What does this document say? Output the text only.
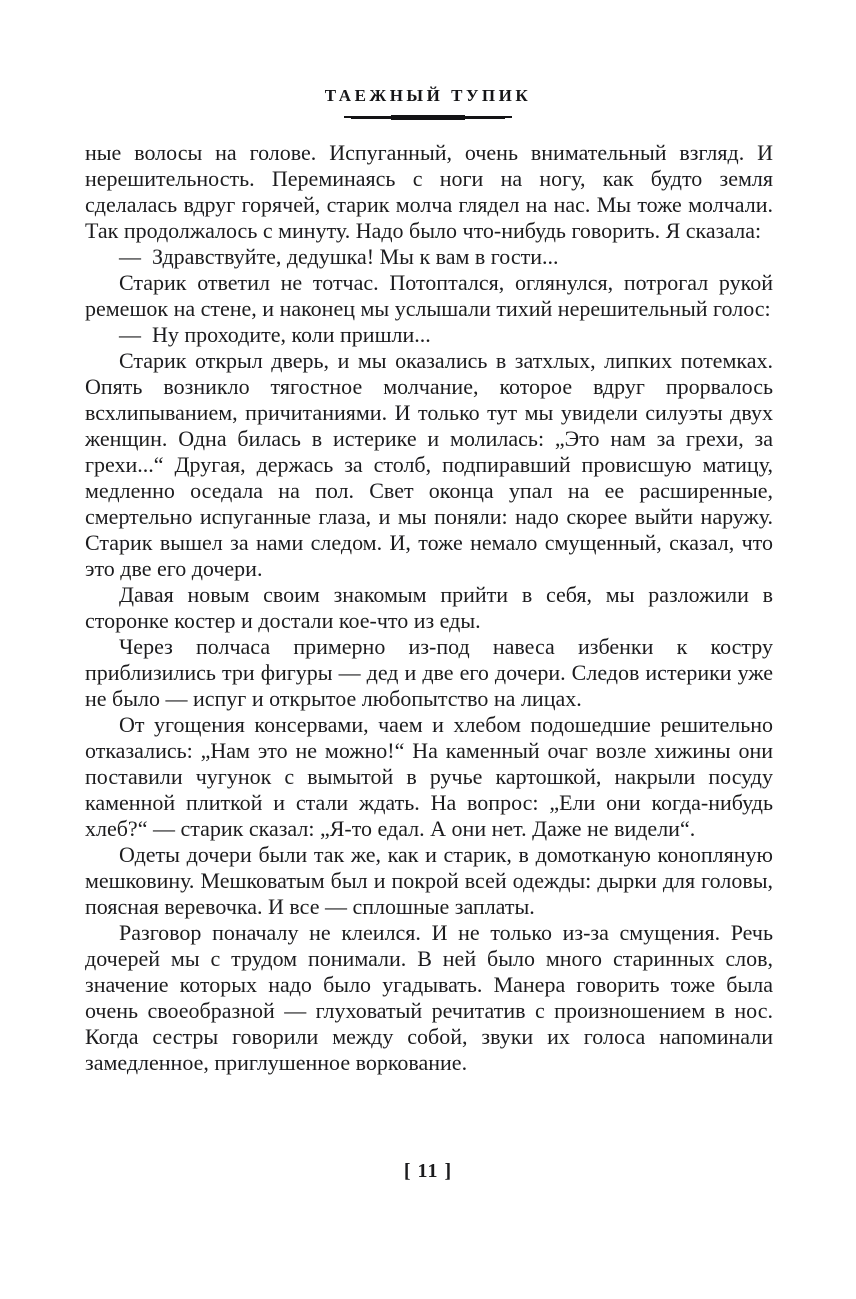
ТАЕЖНЫЙ ТУПИК

ные волосы на голове. Испуганный, очень внимательный взгляд. И нерешительность. Переминаясь с ноги на ногу, как будто земля сделалась вдруг горячей, старик молча глядел на нас. Мы тоже молчали. Так продолжалось с минуту. Надо было что-нибудь говорить. Я сказала:

— Здравствуйте, дедушка! Мы к вам в гости...

Старик ответил не тотчас. Потоптался, оглянулся, потрогал рукой ремешок на стене, и наконец мы услышали тихий нерешительный голос:

— Ну проходите, коли пришли...

Старик открыл дверь, и мы оказались в затхлых, липких потемках. Опять возникло тягостное молчание, которое вдруг прорвалось всхлипыванием, причитаниями. И только тут мы увидели силуэты двух женщин. Одна билась в истерике и молилась: „Это нам за грехи, за грехи...“ Другая, держась за столб, подпиравший провисшую матицу, медленно оседала на пол. Свет оконца упал на ее расширенные, смертельно испуганные глаза, и мы поняли: надо скорее выйти наружу. Старик вышел за нами следом. И, тоже немало смущенный, сказал, что это две его дочери.

Давая новым своим знакомым прийти в себя, мы разложили в сторонке костер и достали кое-что из еды.

Через полчаса примерно из-под навеса избенки к костру приблизились три фигуры — дед и две его дочери. Следов истерики уже не было — испуг и открытое любопытство на лицах.

От угощения консервами, чаем и хлебом подошедшие решительно отказались: „Нам это не можно!“ На каменный очаг возле хижины они поставили чугунок с вымытой в ручье картошкой, накрыли посуду каменной плиткой и стали ждать. На вопрос: „Ели они когда-нибудь хлеб?“ — старик сказал: „Я-то едал. А они нет. Даже не видели“.

Одеты дочери были так же, как и старик, в домотканую конопляную мешковину. Мешковатым был и покрой всей одежды: дырки для головы, поясная веревочка. И все — сплошные заплаты.

Разговор поначалу не клеился. И не только из-за смущения. Речь дочерей мы с трудом понимали. В ней было много старинных слов, значение которых надо было угадывать. Манера говорить тоже была очень своеобразной — глуховатый речитатив с произношением в нос. Когда сестры говорили между собой, звуки их голоса напоминали замедленное, приглушенное воркование.

[ 11 ]
